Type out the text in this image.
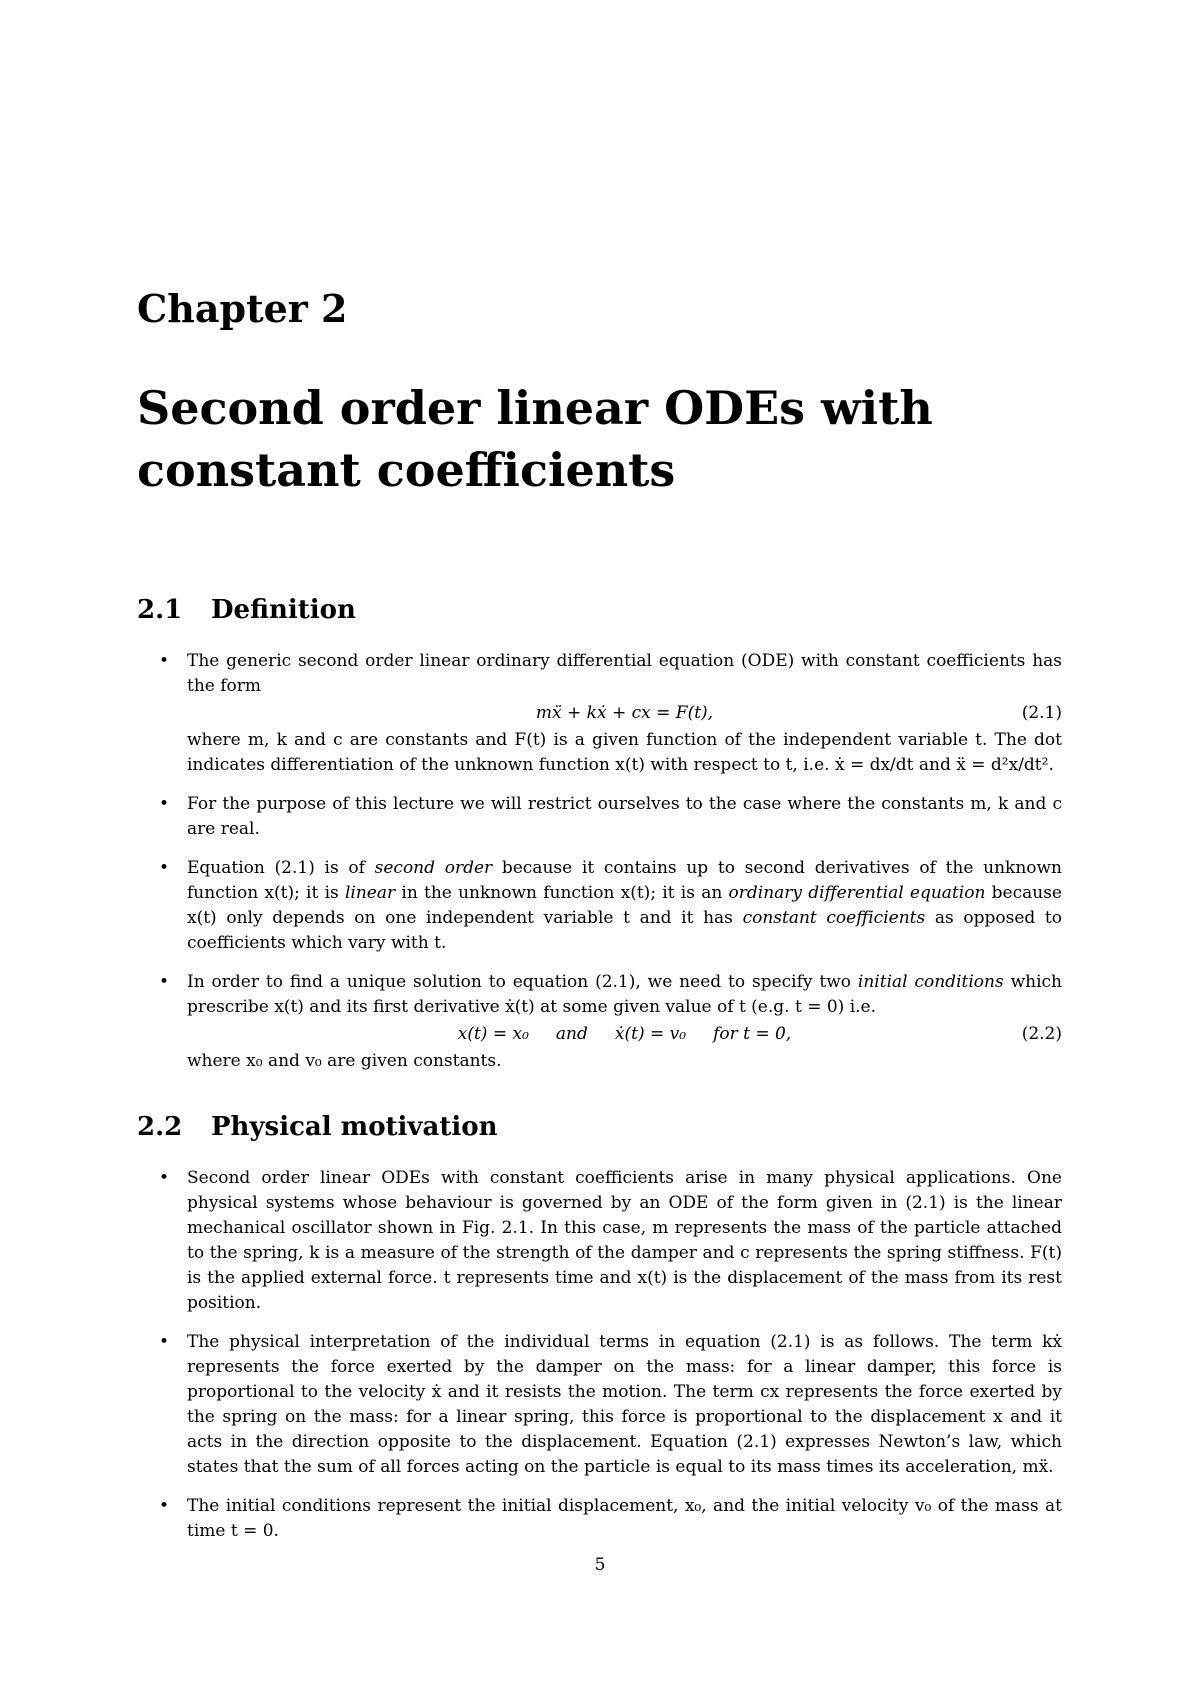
Chapter 2
Second order linear ODEs with
constant coefficients
2.1	Definition
• The generic second order linear ordinary differential equation (ODE) with constant coefficients has the form
mẍ + kẋ + cx = F(t),	(2.1)
where m, k and c are constants and F(t) is a given function of the independent variable t. The dot indicates differentiation of the unknown function x(t) with respect to t, i.e. ẋ = dx/dt and ẍ = d²x/dt².
• For the purpose of this lecture we will restrict ourselves to the case where the constants m, k and c are real.
• Equation (2.1) is of second order because it contains up to second derivatives of the unknown function x(t); it is linear in the unknown function x(t); it is an ordinary differential equation because x(t) only depends on one independent variable t and it has constant coefficients as opposed to coefficients which vary with t.
• In order to find a unique solution to equation (2.1), we need to specify two initial conditions which prescribe x(t) and its first derivative ẋ(t) at some given value of t (e.g. t = 0) i.e.
x(t) = x₀     and     ẋ(t) = v₀     for t = 0,	(2.2)
where x₀ and v₀ are given constants.
2.2	Physical motivation
• Second order linear ODEs with constant coefficients arise in many physical applications. One physical systems whose behaviour is governed by an ODE of the form given in (2.1) is the linear mechanical oscillator shown in Fig. 2.1. In this case, m represents the mass of the particle attached to the spring, k is a measure of the strength of the damper and c represents the spring stiffness. F(t) is the applied external force. t represents time and x(t) is the displacement of the mass from its rest position.
• The physical interpretation of the individual terms in equation (2.1) is as follows. The term kẋ represents the force exerted by the damper on the mass: for a linear damper, this force is proportional to the velocity ẋ and it resists the motion. The term cx represents the force exerted by the spring on the mass: for a linear spring, this force is proportional to the displacement x and it acts in the direction opposite to the displacement. Equation (2.1) expresses Newton’s law, which states that the sum of all forces acting on the particle is equal to its mass times its acceleration, mẍ.
• The initial conditions represent the initial displacement, x₀, and the initial velocity v₀ of the mass at time t = 0.
5
